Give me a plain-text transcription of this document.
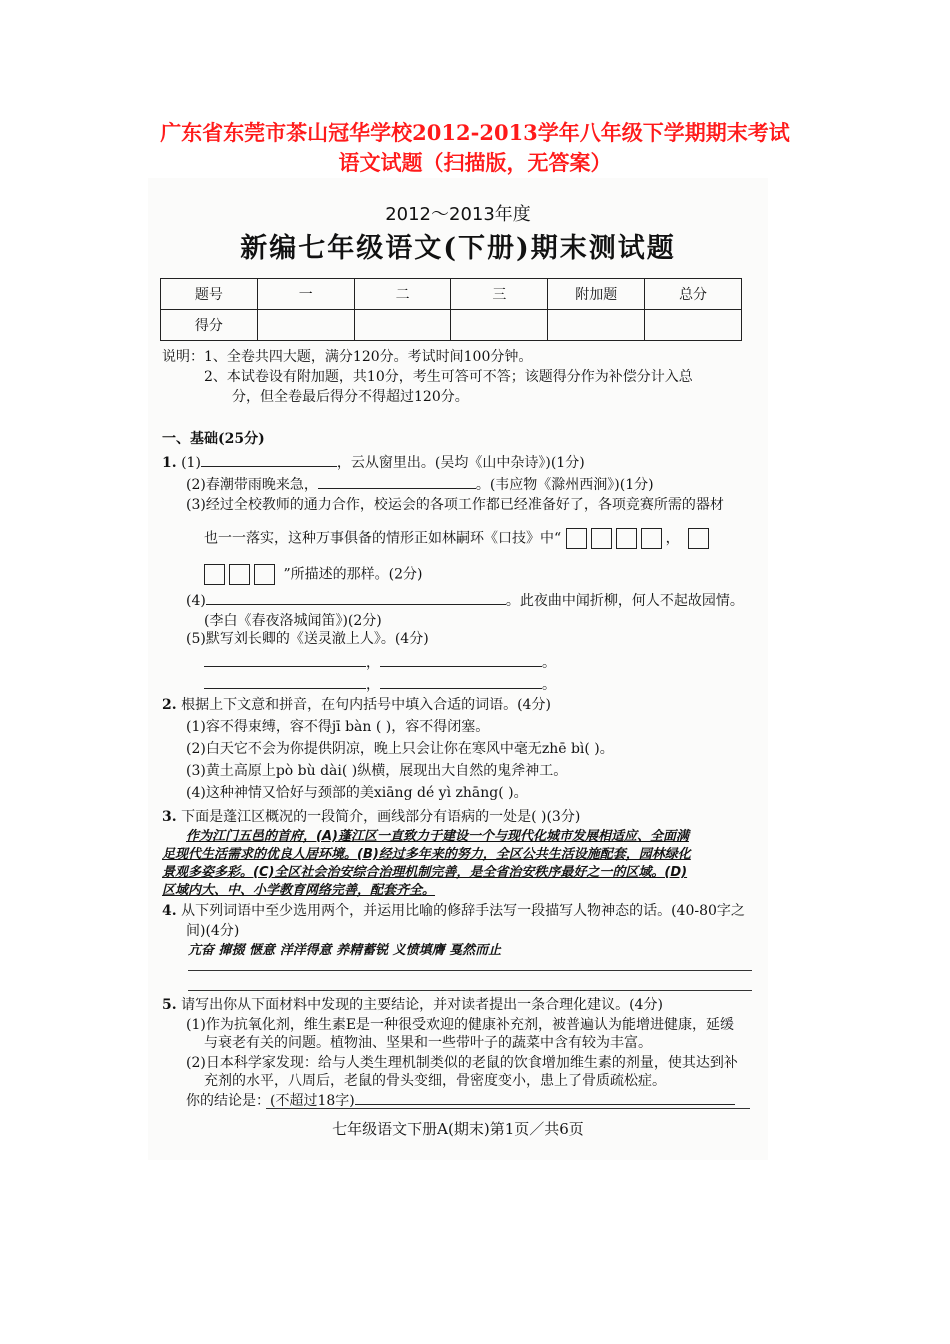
广东省东莞市茶山冠华学校2012-2013学年八年级下学期期末考试
语文试题（扫描版，无答案）
2012～2013年度
新编七年级语文(下册)期末测试题
题号	一	二	三	附加题	总分
得分					
说明：1、全卷共四大题，满分120分。考试时间100分钟。
2、本试卷设有附加题，共10分，考生可答可不答；该题得分作为补偿分计入总
分，但全卷最后得分不得超过120分。
一、基础(25分)
1. (1)	，云从窗里出。(吴均《山中杂诗》)(1分)
(2)春潮带雨晚来急，	。(韦应物《滁州西涧》)(1分)
(3)经过全校教师的通力合作，校运会的各项工作都已经准备好了，各项竞赛所需的器材
也一一落实，这种万事俱备的情形正如林嗣环《口技》中“	，
”所描述的那样。(2分)
(4)	。此夜曲中闻折柳，何人不起故园情。
(李白《春夜洛城闻笛》)(2分)
(5)默写刘长卿的《送灵澈上人》。(4分)
，	。
，	。
2. 根据上下文意和拼音，在句内括号中填入合适的词语。(4分)
(1)容不得束缚，容不得jī bàn ( )，容不得闭塞。
(2)白天它不会为你提供阴凉，晚上只会让你在寒风中毫无zhē bì( )。
(3)黄土高原上pò bù dài( )纵横，展现出大自然的鬼斧神工。
(4)这种神情又恰好与颈部的美xiāng dé yì zhāng( )。
3. 下面是蓬江区概况的一段简介，画线部分有语病的一处是( )(3分)
作为江门五邑的首府，(A)蓬江区一直致力于建设一个与现代化城市发展相适应、全面满
足现代生活需求的优良人居环境。(B)经过多年来的努力，全区公共生活设施配套，园林绿化
景观多姿多彩。(C)全区社会治安综合治理机制完善，是全省治安秩序最好之一的区域。(D)
区域内大、中、小学教育网络完善，配套齐全。
4. 从下列词语中至少选用两个，并运用比喻的修辞手法写一段描写人物神态的话。(40-80字之
间)(4分)
亢奋 撺掇 惬意 洋洋得意 养精蓄锐 义愤填膺 戛然而止
5. 请写出你从下面材料中发现的主要结论，并对读者提出一条合理化建议。(4分)
(1)作为抗氧化剂，维生素E是一种很受欢迎的健康补充剂，被普遍认为能增进健康，延缓
与衰老有关的问题。植物油、坚果和一些带叶子的蔬菜中含有较为丰富。
(2)日本科学家发现：给与人类生理机制类似的老鼠的饮食增加维生素的剂量，使其达到补
充剂的水平，八周后，老鼠的骨头变细，骨密度变小，患上了骨质疏松症。
你的结论是：(不超过18字)
七年级语文下册A(期末)第1页／共6页
